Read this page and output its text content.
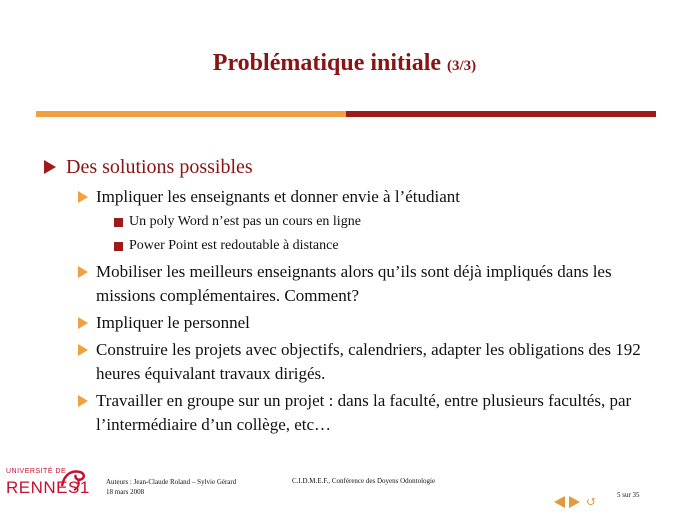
Problématique initiale (3/3)
Des solutions possibles
Impliquer les enseignants et donner envie à l’étudiant
Un poly Word n’est pas un cours en ligne
Power Point est redoutable à distance
Mobiliser les meilleurs enseignants alors qu’ils sont déjà impliqués dans les missions complémentaires. Comment?
Impliquer le personnel
Construire les projets avec objectifs, calendriers, adapter les obligations des 192 heures équivalant travaux dirigés.
Travailler en groupe sur un projet : dans la faculté, entre plusieurs facultés, par l’intermédiaire d’un collège, etc…
UNIVERSITÉ DE
RENNES1 Auteurs : Jean-Claude Roland – Sylvie Gérard
18 mars 2008
C.I.D.M.E.F., Conférence des Doyens Odontologie
5 sur 35
↺
